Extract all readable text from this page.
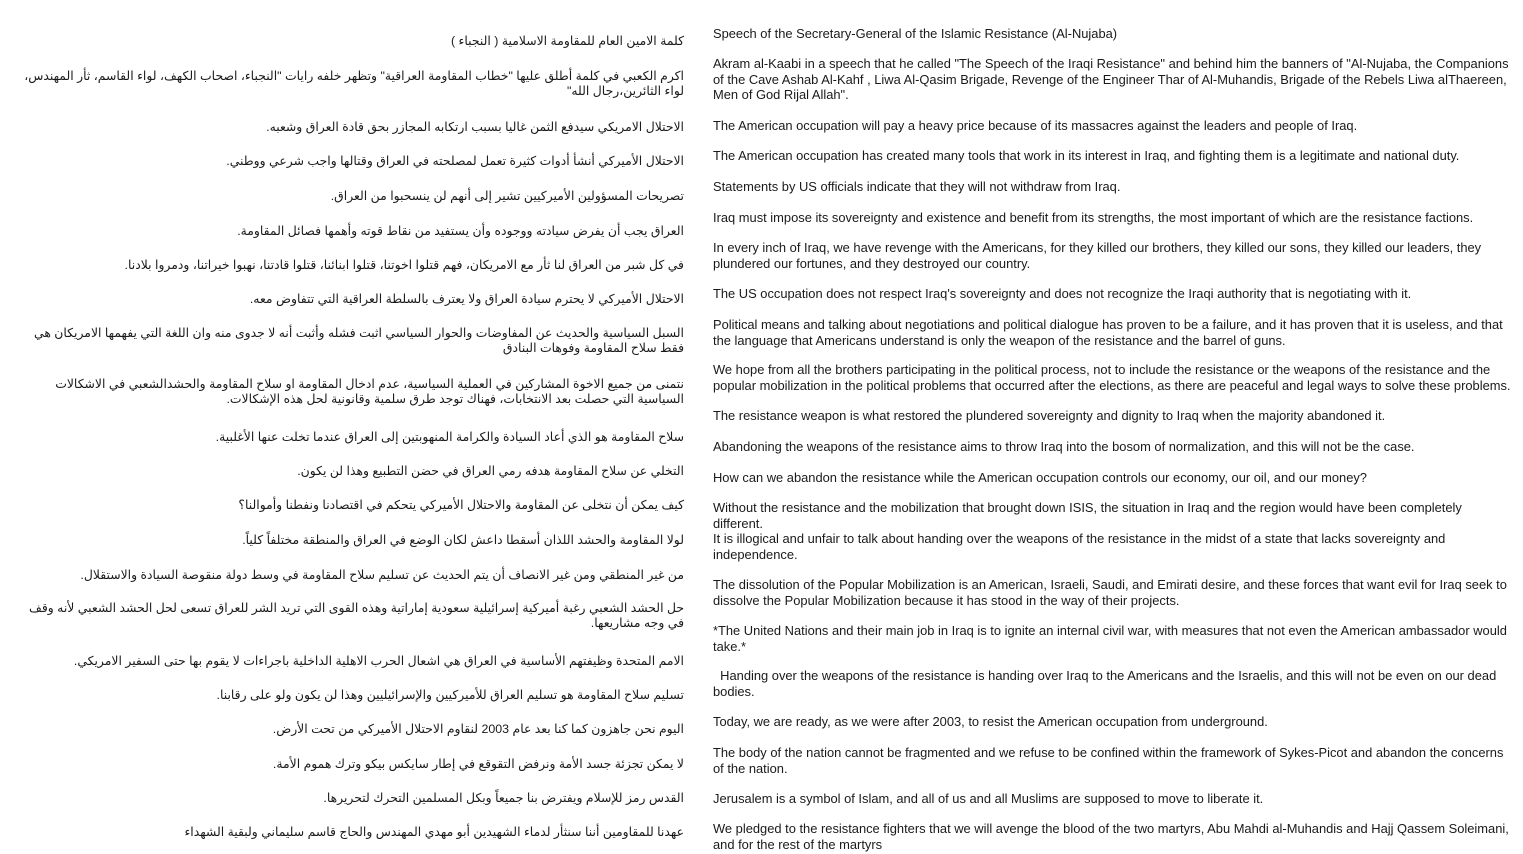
كلمة الامين العام للمقاومة الاسلامية ( النجباء )

اكرم الكعبي في كلمة أطلق عليها "خطاب المقاومة العراقية" وتظهر خلفه رايات "النجباء، اصحاب الكهف، لواء القاسم، ثأر المهندس، لواء الثائرين،رجال الله"

الاحتلال الامريكي سيدفع الثمن غاليا بسبب ارتكابه المجازر بحق قادة العراق وشعبه.

الاحتلال الأميركي أنشأ أدوات كثيرة تعمل لمصلحته في العراق وقتالها واجب شرعي ووطني.

تصريحات المسؤولين الأميركيين تشير إلى أنهم لن ينسحبوا من العراق.

العراق يجب أن يفرض سيادته ووجوده وأن يستفيد من نقاط قوته وأهمها فصائل المقاومة.

في كل شبر من العراق لنا ثأر مع الامريكان، فهم قتلوا اخوتنا، قتلوا ابنائنا، قتلوا قادتنا، نهبوا خيراتنا، ودمروا بلادنا.

الاحتلال الأميركي لا يحترم سيادة العراق ولا يعترف بالسلطة العراقية التي تتفاوض معه.

السبل السياسية والحديث عن المفاوضات والحوار السياسي اثبت فشله وأثبت أنه لا جدوى منه وان اللغة التي يفهمها الامريكان هي فقط سلاح المقاومة وفوهات البنادق

نتمنى من جميع الاخوة المشاركين في العملية السياسية، عدم ادخال المقاومة او سلاح المقاومة والحشدالشعبي في الاشكالات السياسية التي حصلت بعد الانتخابات، فهناك توجد طرق سلمية وقانونية لحل هذه الإشكالات.

سلاح المقاومة هو الذي أعاد السيادة والكرامة المنهوبتين إلى العراق عندما تخلت عنها الأغلبية.

التخلي عن سلاح المقاومة هدفه رمي العراق في حضن التطبيع وهذا لن يكون.

كيف يمكن أن نتخلى عن المقاومة والاحتلال الأميركي يتحكم في اقتصادنا ونفطنا وأموالنا؟

لولا المقاومة والحشد اللذان أسقطا داعش لكان الوضع في العراق والمنطقة مختلفاً كلياً.

من غير المنطقي ومن غير الانصاف أن يتم الحديث عن تسليم سلاح المقاومة في وسط دولة منقوصة السيادة والاستقلال.

حل الحشد الشعبي رغبة أميركية إسرائيلية سعودية إماراتية وهذه القوى التي تريد الشر للعراق تسعى لحل الحشد الشعبي لأنه وقف في وجه مشاريعها.

الامم المتحدة وظيفتهم الأساسية في العراق هي اشعال الحرب الاهلية الداخلية باجراءات لا يقوم بها حتى السفير الامريكي.

تسليم سلاح المقاومة هو تسليم العراق للأميركيين والإسرائيليين وهذا لن يكون ولو على رقابنا.

اليوم نحن جاهزون كما كنا بعد عام 2003 لنقاوم الاحتلال الأميركي من تحت الأرض.

لا يمكن تجزئة جسد الأمة ونرفض التقوقع في إطار سايكس بيكو وترك هموم الأمة.

القدس رمز للإسلام ويفترض بنا جميعاً وبكل المسلمين التحرك لتحريرها.

عهدنا للمقاومين أننا سنثأر لدماء الشهيدين أبو مهدي المهندس والحاج قاسم سليماني ولبقية الشهداء

Speech of the Secretary-General of the Islamic Resistance (Al-Nujaba)

Akram al-Kaabi in a speech that he called "The Speech of the Iraqi Resistance" and behind him the banners of "Al-Nujaba, the Companions of the Cave Ashab Al-Kahf , Liwa Al-Qasim Brigade, Revenge of the Engineer Thar of Al-Muhandis, Brigade of the Rebels Liwa alThaereen, Men of God Rijal Allah".

The American occupation will pay a heavy price because of its massacres against the leaders and people of Iraq.

The American occupation has created many tools that work in its interest in Iraq, and fighting them is a legitimate and national duty.

Statements by US officials indicate that they will not withdraw from Iraq.

Iraq must impose its sovereignty and existence and benefit from its strengths, the most important of which are the resistance factions.

In every inch of Iraq, we have revenge with the Americans, for they killed our brothers, they killed our sons, they killed our leaders, they plundered our fortunes, and they destroyed our country.

The US occupation does not respect Iraq's sovereignty and does not recognize the Iraqi authority that is negotiating with it.

Political means and talking about negotiations and political dialogue has proven to be a failure, and it has proven that it is useless, and that the language that Americans understand is only the weapon of the resistance and the barrel of guns.

We hope from all the brothers participating in the political process, not to include the resistance or the weapons of the resistance and the popular mobilization in the political problems that occurred after the elections, as there are peaceful and legal ways to solve these problems.

The resistance weapon is what restored the plundered sovereignty and dignity to Iraq when the majority abandoned it.

Abandoning the weapons of the resistance aims to throw Iraq into the bosom of normalization, and this will not be the case.

How can we abandon the resistance while the American occupation controls our economy, our oil, and our money?

Without the resistance and the mobilization that brought down ISIS, the situation in Iraq and the region would have been completely different.

It is illogical and unfair to talk about handing over the weapons of the resistance in the midst of a state that lacks sovereignty and independence.

The dissolution of the Popular Mobilization is an American, Israeli, Saudi, and Emirati desire, and these forces that want evil for Iraq seek to dissolve the Popular Mobilization because it has stood in the way of their projects.

*The United Nations and their main job in Iraq is to ignite an internal civil war, with measures that not even the American ambassador would take.*

Handing over the weapons of the resistance is handing over Iraq to the Americans and the Israelis, and this will not be even on our dead bodies.

Today, we are ready, as we were after 2003, to resist the American occupation from underground.

The body of the nation cannot be fragmented and we refuse to be confined within the framework of Sykes-Picot and abandon the concerns of the nation.

Jerusalem is a symbol of Islam, and all of us and all Muslims are supposed to move to liberate it.

We pledged to the resistance fighters that we will avenge the blood of the two martyrs, Abu Mahdi al-Muhandis and Hajj Qassem Soleimani, and for the rest of the martyrs
